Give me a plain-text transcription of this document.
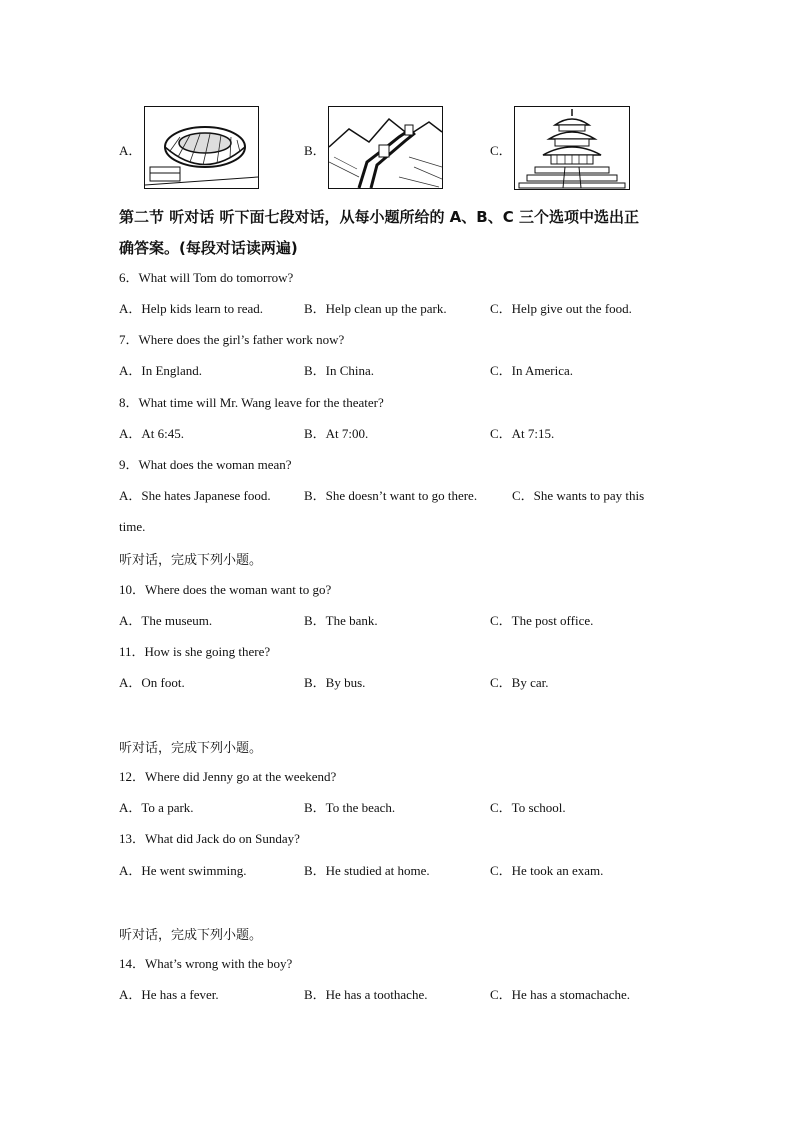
A．	B．	C．
第二节 听对话 听下面七段对话，从每小题所给的 A、B、C 三个选项中选出正
确答案。(每段对话读两遍)
6．What will Tom do tomorrow?
A．Help kids learn to read.	B．Help clean up the park.	C．Help give out the food.
7．Where does the girl’s father work now?
A．In England.	B．In China.	C．In America.
8．What time will Mr. Wang leave for the theater?
A．At 6:45.	B．At 7:00.	C．At 7:15.
9．What does the woman mean?
A．She hates Japanese food.	B．She doesn’t want to go there.	C．She wants to pay this
time.
听对话，完成下列小题。
10．Where does the woman want to go?
A．The museum.	B．The bank.	C．The post office.
11．How is she going there?
A．On foot.	B．By bus.	C．By car.
听对话，完成下列小题。
12．Where did Jenny go at the weekend?
A．To a park.	B．To the beach.	C．To school.
13．What did Jack do on Sunday?
A．He went swimming.	B．He studied at home.	C．He took an exam.
听对话，完成下列小题。
14．What’s wrong with the boy?
A．He has a fever.	B．He has a toothache.	C．He has a stomachache.
